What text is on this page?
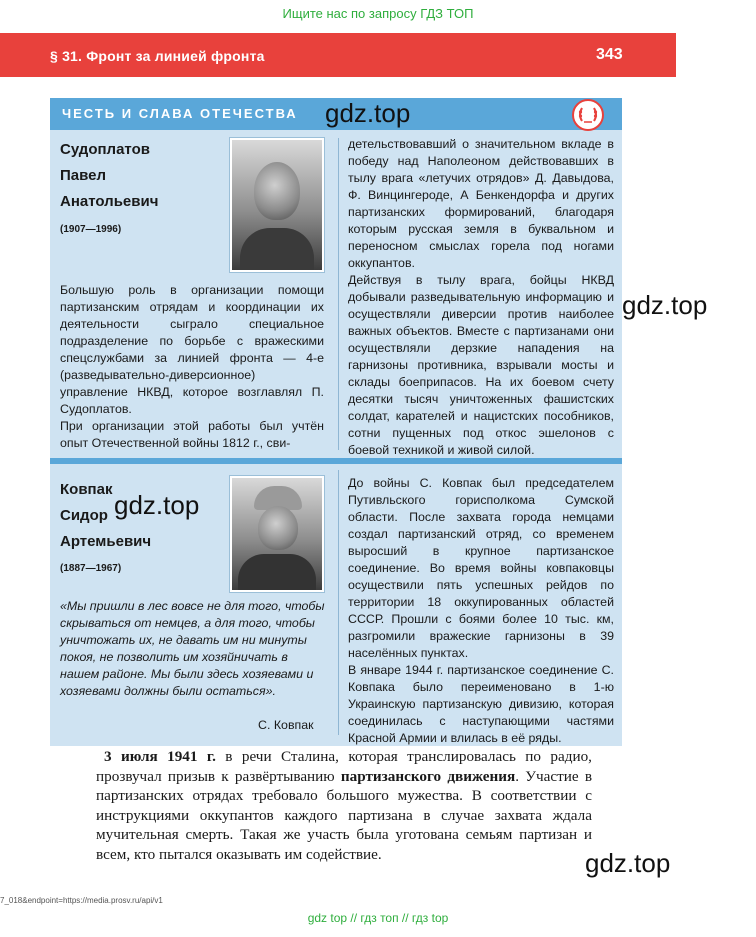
Ищите нас по запросу ГДЗ ТОП
§ 31. Фронт за линией фронта	343
ЧЕСТЬ И СЛАВА ОТЕЧЕСТВА
Судоплатов
Павел
Анатольевич
(1907—1996)

Большую роль в организации помощи партизанским отрядам и координации их деятельности сыграло специальное подразделение по борьбе с вражескими спецслужбами за линией фронта — 4-е (разведывательно-диверсионное) управление НКВД, которое возглавлял П. Судоплатов.

При организации этой работы был учтён опыт Отечественной войны 1812 г., сви-

детельствовавший о значительном вкладе в победу над Наполеоном действовавших в тылу врага «летучих отрядов» Д. Давыдова, Ф. Винцингероде, А Бенкендорфа и других партизанских формирований, благодаря которым русская земля в буквальном и переносном смыслах горела под ногами оккупантов.

Действуя в тылу врага, бойцы НКВД добывали разведывательную информацию и осуществляли диверсии против наиболее важных объектов. Вместе с партизанами они осуществляли дерзкие нападения на гарнизоны противника, взрывали мосты и склады боеприпасов. На их боевом счету десятки тысяч уничтоженных фашистских солдат, карателей и нацистских пособников, сотни пущенных под откос эшелонов с боевой техникой и живой силой.

Ковпак
Сидор
Артемьевич
(1887—1967)
«Мы пришли в лес вовсе не для того, чтобы скрываться от немцев, а для того, чтобы уничтожать их, не давать им ни минуты покоя, не позволить им хозяйничать в нашем районе. Мы были здесь хозяевами и хозяевами должны были остаться».
С. Ковпак

До войны С. Ковпак был председателем Путивльского горисполкома Сумской области. После захвата города немцами создал партизанский отряд, со временем выросший в крупное партизанское соединение. Во время войны ковпаковцы осуществили пять успешных рейдов по территории 18 оккупированных областей СССР. Прошли с боями более 10 тыс. км, разгромили вражеские гарнизоны в 39 населённых пунктах.

В январе 1944 г. партизанское соединение С. Ковпака было переименовано в 1-ю Украинскую партизанскую дивизию, которая соединилась с наступающими частями Красной Армии и влилась в её ряды.

3 июля 1941 г. в речи Сталина, которая транслировалась по радио, прозвучал призыв к развёртыванию партизанского движения. Участие в партизанских отрядах требовало большого мужества. В соответствии с инструкциями оккупантов каждого партизана в случае захвата ждала мучительная смерть. Такая же участь была уготована семьям партизан и всем, кто пытался оказывать им содействие.

gdz.top
gdz.top
gdz.top
gdz.top
7_018&endpoint=https://media.prosv.ru/api/v1
gdz top // гдз топ // гдз top
